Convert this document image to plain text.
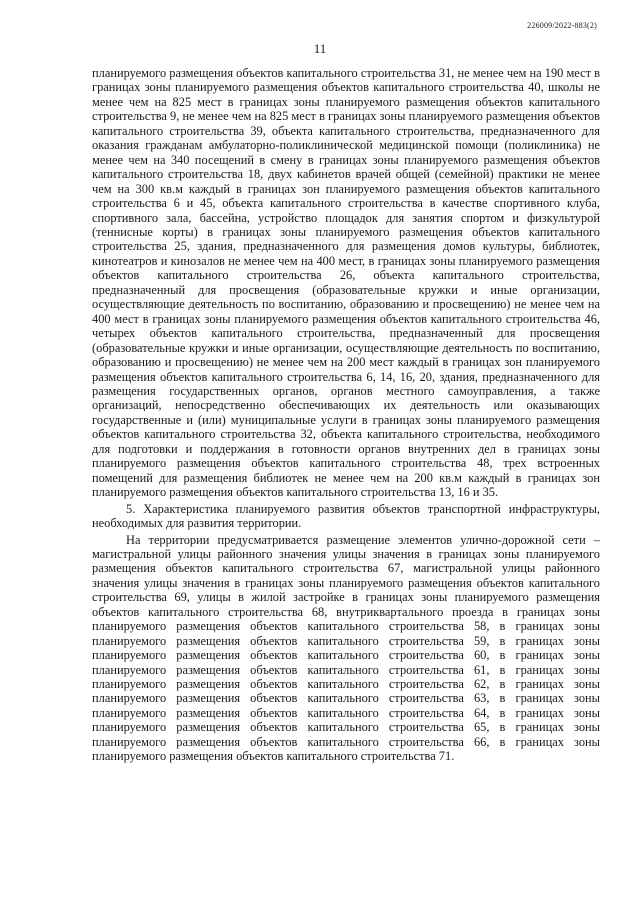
226009/2022-883(2)
11

планируемого размещения объектов капитального строительства 31, не менее чем на 190 мест в границах зоны планируемого размещения объектов капитального строительства 40, школы не менее чем на 825 мест в границах зоны планируемого размещения объектов капитального строительства 9, не менее чем на 825 мест в границах зоны планируемого размещения объектов капитального строительства 39, объекта капитального строительства, предназначенного для оказания гражданам амбулаторно-поликлинической медицинской помощи (поликлиника) не менее чем на 340 посещений в смену в границах зоны планируемого размещения объектов капитального строительства 18, двух кабинетов врачей общей (семейной) практики не менее чем на 300 кв.м каждый в границах зон планируемого размещения объектов капитального строительства 6 и 45, объекта капитального строительства в качестве спортивного клуба, спортивного зала, бассейна, устройство площадок для занятия спортом и физкультурой (теннисные корты) в границах зоны планируемого размещения объектов капитального строительства 25, здания, предназначенного для размещения домов культуры, библиотек, кинотеатров и кинозалов не менее чем на 400 мест, в границах зоны планируемого размещения объектов капитального строительства 26, объекта капитального строительства, предназначенный для просвещения (образовательные кружки и иные организации, осуществляющие деятельность по воспитанию, образованию и просвещению) не менее чем на 400 мест в границах зоны планируемого размещения объектов капитального строительства 46, четырех объектов капитального строительства, предназначенный для просвещения (образовательные кружки и иные организации, осуществляющие деятельность по воспитанию, образованию и просвещению) не менее чем на 200 мест каждый в границах зон планируемого размещения объектов капитального строительства 6, 14, 16, 20, здания, предназначенного для размещения государственных органов, органов местного самоуправления, а также организаций, непосредственно обеспечивающих их деятельность или оказывающих государственные и (или) муниципальные услуги в границах зоны планируемого размещения объектов капитального строительства 32, объекта капитального строительства, необходимого для подготовки и поддержания в готовности органов внутренних дел в границах зоны планируемого размещения объектов капитального строительства 48, трех встроенных помещений для размещения библиотек не менее чем на 200 кв.м каждый в границах зон планируемого размещения объектов капитального строительства 13, 16 и 35.

5. Характеристика планируемого развития объектов транспортной инфраструктуры, необходимых для развития территории.

На территории предусматривается размещение элементов улично-дорожной сети – магистральной улицы районного значения улицы значения в границах зоны планируемого размещения объектов капитального строительства 67, магистральной улицы районного значения улицы значения в границах зоны планируемого размещения объектов капитального строительства 69, улицы в жилой застройке в границах зоны планируемого размещения объектов капитального строительства 68, внутриквартального проезда в границах зоны планируемого размещения объектов капитального строительства 58, в границах зоны планируемого размещения объектов капитального строительства 59, в границах зоны планируемого размещения объектов капитального строительства 60, в границах зоны планируемого размещения объектов капитального строительства 61, в границах зоны планируемого размещения объектов капитального строительства 62, в границах зоны планируемого размещения объектов капитального строительства 63, в границах зоны планируемого размещения объектов капитального строительства 64, в границах зоны планируемого размещения объектов капитального строительства 65, в границах зоны планируемого размещения объектов капитального строительства 66, в границах зоны планируемого размещения объектов капитального строительства 71.
